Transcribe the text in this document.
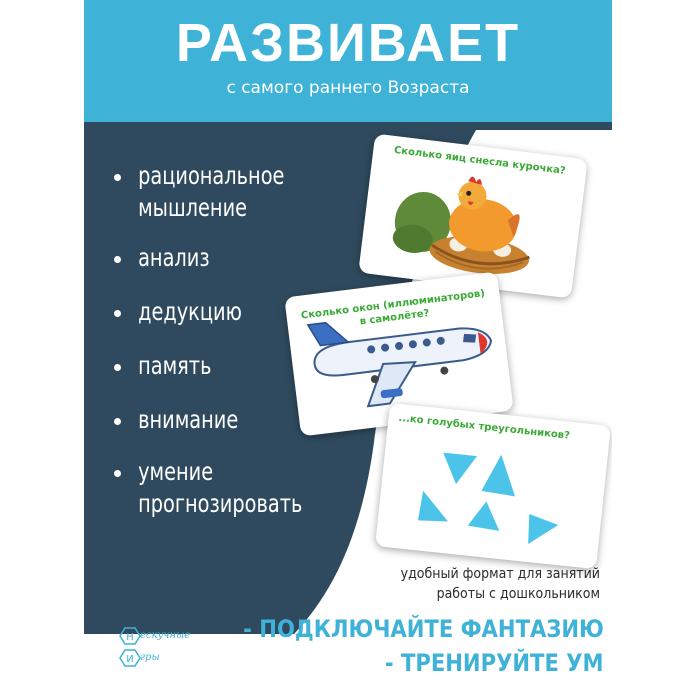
РАЗВИВАЕТ
с самого раннего Возраста
рациональное
мышление
анализ
дедукцию
память
внимание
умение
прогнозировать
Сколько яиц снесла курочка?
Сколько окон (иллюминаторов)
в самолёте?
...ко голубых треугольников?
удобный формат для занятий
работы с дошкольником
- ПОДКЛЮЧАЙТЕ ФАНТАЗИЮ
- ТРЕНИРУЙТЕ УМ
Н
И
ескучные
гры
